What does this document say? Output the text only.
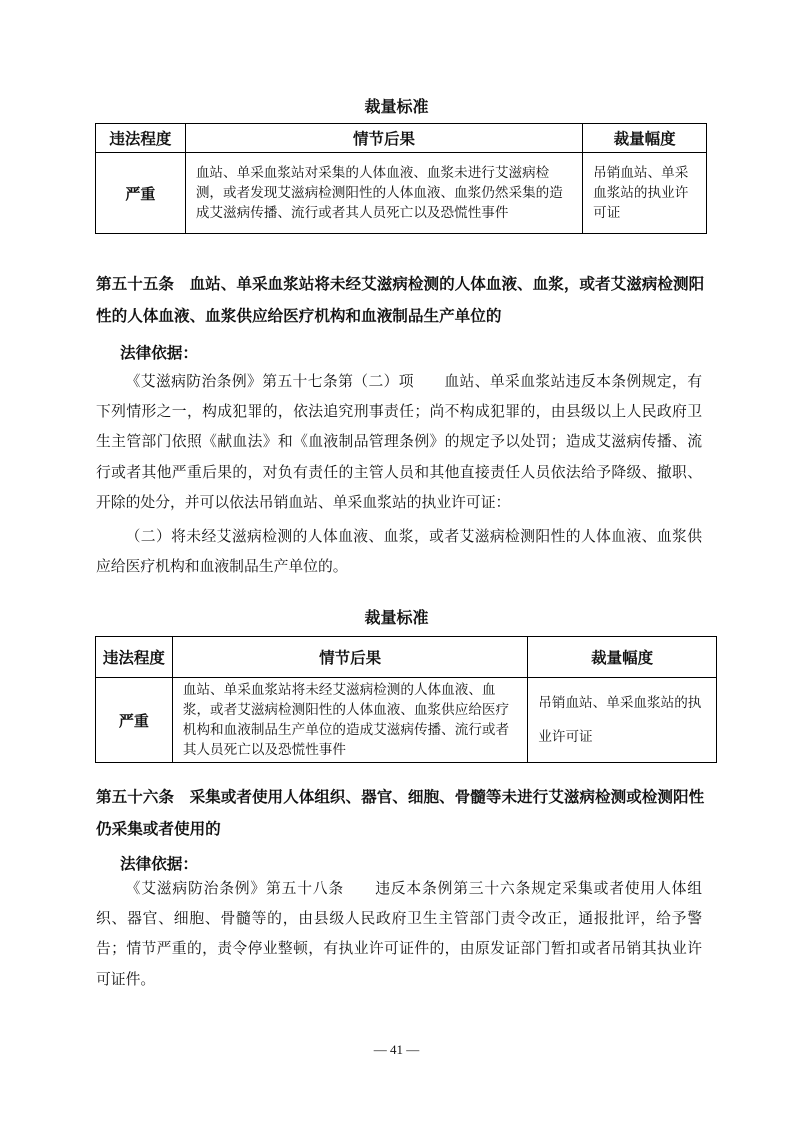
裁量标准
违法程度	情节后果	裁量幅度
严重	血站、单采血浆站对采集的人体血液、血浆未进行艾滋病检测，或者发现艾滋病检测阳性的人体血液、血浆仍然采集的造成艾滋病传播、流行或者其人员死亡以及恐慌性事件	吊销血站、单采血浆站的执业许可证
第五十五条　血站、单采血浆站将未经艾滋病检测的人体血液、血浆，或者艾滋病检测阳性的人体血液、血浆供应给医疗机构和血液制品生产单位的
法律依据：
《艾滋病防治条例》第五十七条第（二）项　　血站、单采血浆站违反本条例规定，有下列情形之一，构成犯罪的，依法追究刑事责任；尚不构成犯罪的，由县级以上人民政府卫生主管部门依照《献血法》和《血液制品管理条例》的规定予以处罚；造成艾滋病传播、流行或者其他严重后果的，对负有责任的主管人员和其他直接责任人员依法给予降级、撤职、开除的处分，并可以依法吊销血站、单采血浆站的执业许可证：
（二）将未经艾滋病检测的人体血液、血浆，或者艾滋病检测阳性的人体血液、血浆供应给医疗机构和血液制品生产单位的。
裁量标准
违法程度	情节后果	裁量幅度
严重	血站、单采血浆站将未经艾滋病检测的人体血液、血浆，或者艾滋病检测阳性的人体血液、血浆供应给医疗机构和血液制品生产单位的造成艾滋病传播、流行或者其人员死亡以及恐慌性事件	吊销血站、单采血浆站的执业许可证
第五十六条　采集或者使用人体组织、器官、细胞、骨髓等未进行艾滋病检测或检测阳性仍采集或者使用的
法律依据：
《艾滋病防治条例》第五十八条　　违反本条例第三十六条规定采集或者使用人体组织、器官、细胞、骨髓等的，由县级人民政府卫生主管部门责令改正，通报批评，给予警告；情节严重的，责令停业整顿，有执业许可证件的，由原发证部门暂扣或者吊销其执业许可证件。
— 41 —
